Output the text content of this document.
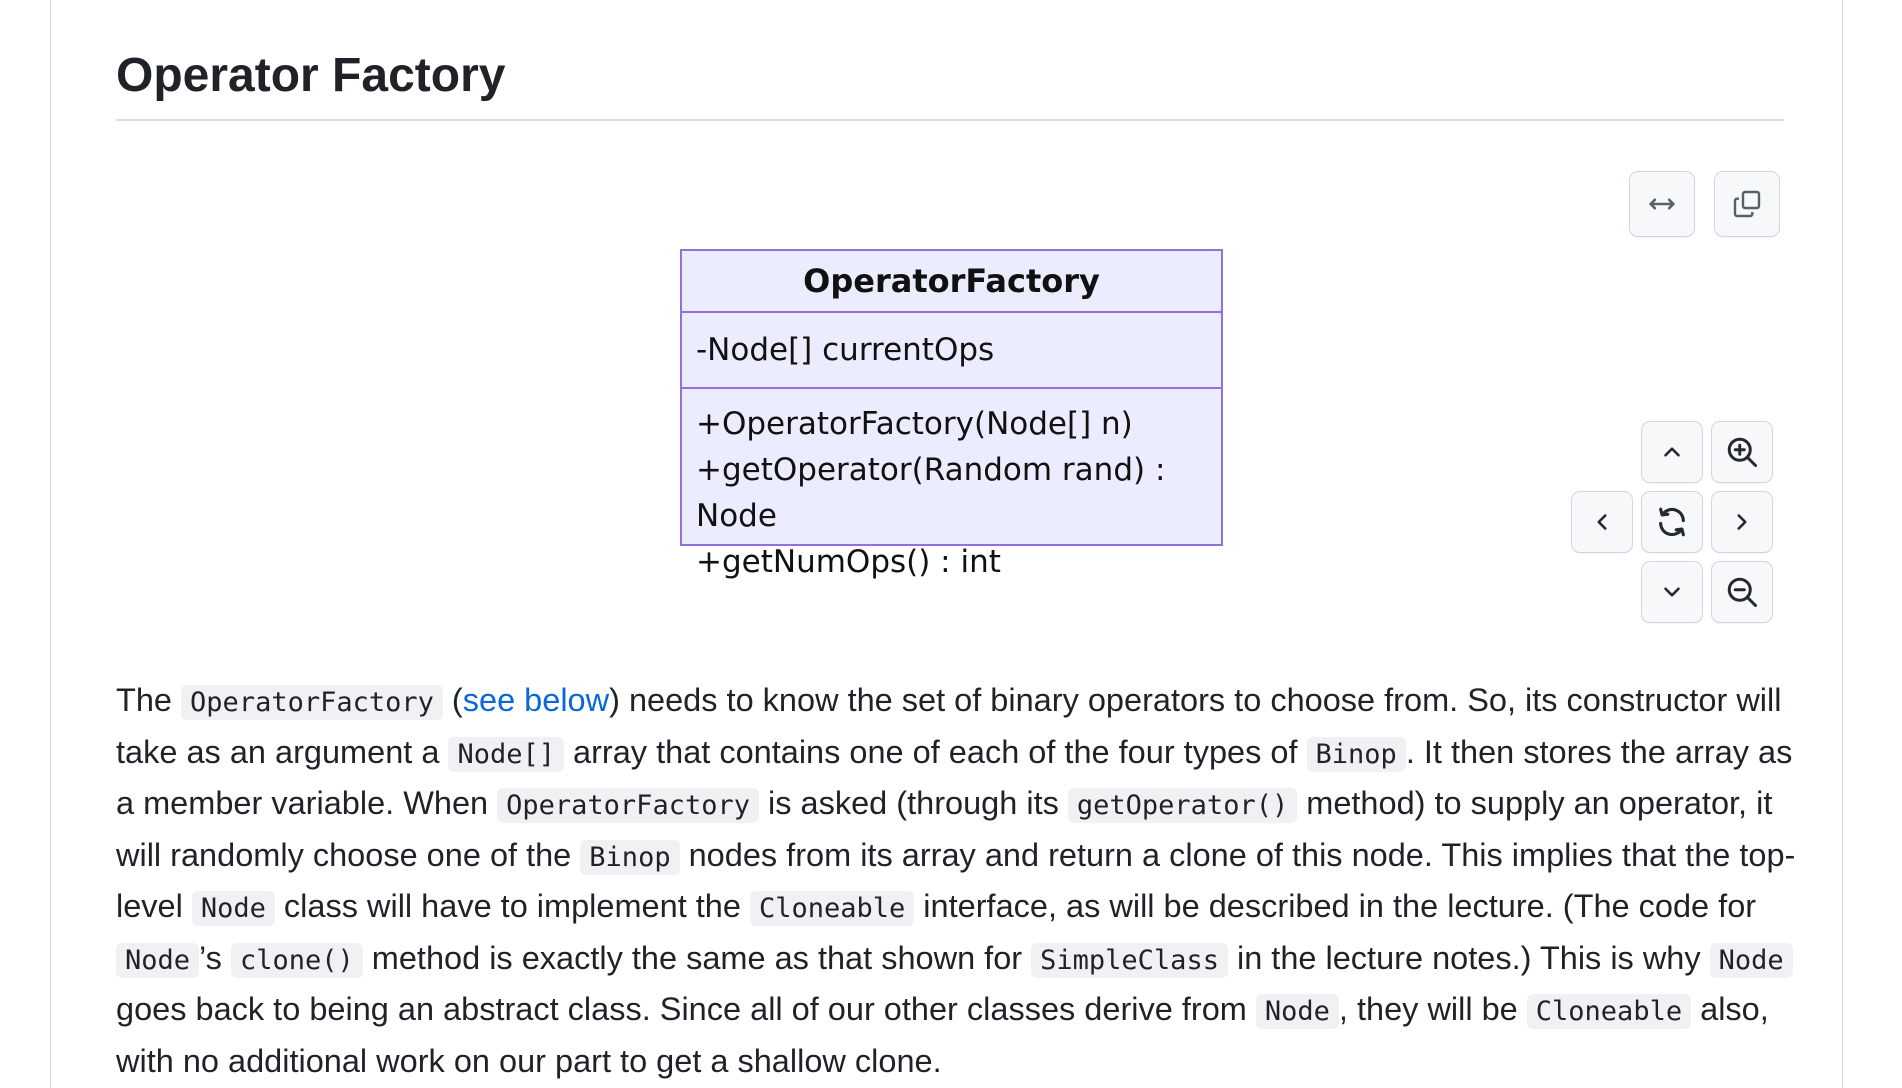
Operator Factory
OperatorFactory
-Node[] currentOps
+OperatorFactory(Node[] n)
+getOperator(Random rand) : Node
+getNumOps() : int

The OperatorFactory (see below) needs to know the set of binary operators to choose from. So, its constructor will take as an argument a Node[] array that contains one of each of the four types of Binop . It then stores the array as a member variable. When OperatorFactory is asked (through its getOperator() method) to supply an operator, it will randomly choose one of the Binop nodes from its array and return a clone of this node. This implies that the top-level Node class will have to implement the Cloneable interface, as will be described in the lecture. (The code for Node ’s clone() method is exactly the same as that shown for SimpleClass in the lecture notes.) This is why Node goes back to being an abstract class. Since all of our other classes derive from Node , they will be Cloneable also, with no additional work on our part to get a shallow clone.
